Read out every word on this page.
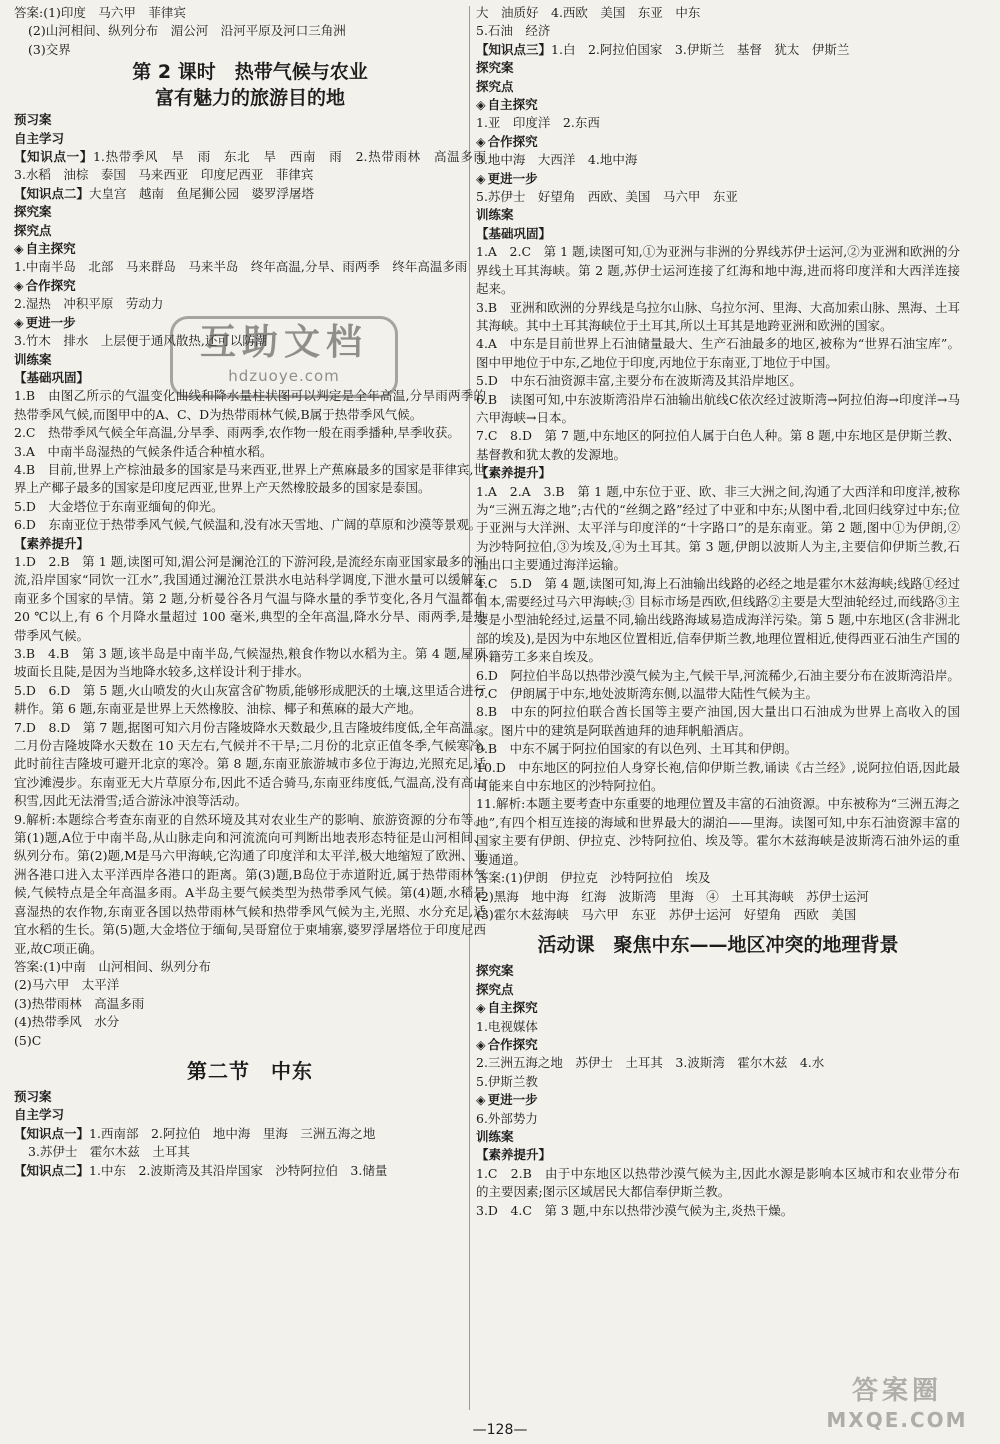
答案:(1)印度　马六甲　菲律宾
(2)山河相间、纵列分布　湄公河　沿河平原及河口三角洲
(3)交界
第 2 课时　热带气候与农业
富有魅力的旅游目的地
预习案
自主学习
【 知识点一 】 1.热带季风　旱　雨　东北　旱　西南　雨　2.热带雨林　高温多雨　3.水稻　油棕　泰国　马来西亚　印度尼西亚　菲律宾
【 知识点二 】 大皇宫　越南　鱼尾狮公园　婆罗浮屠塔
探究案
探究点
◈ 自主探究
1.中南半岛　北部　马来群岛　马来半岛　终年高温,分旱、雨两季　终年高温多雨
◈ 合作探究
2.湿热　冲积平原　劳动力
◈ 更进一步
3.竹木　排水　上层便于通风散热,还可以防潮
训练案
【 基础巩固 】
1.B　由图乙所示的气温变化曲线和降水量柱状图可以判定是全年高温,分旱雨两季的热带季风气候,而图甲中的A、C、D为热带雨林气候,B属于热带季风气候。
2.C　热带季风气候全年高温,分旱季、雨两季,农作物一般在雨季播种,旱季收获。
3.A　中南半岛湿热的气候条件适合种植水稻。
4.B　目前,世界上产棕油最多的国家是马来西亚,世界上产蕉麻最多的国家是菲律宾,世界上产椰子最多的国家是印度尼西亚,世界上产天然橡胶最多的国家是泰国。
5.D　大金塔位于东南亚缅甸的仰光。
6.D　东南亚位于热带季风气候,气候温和,没有冰天雪地、广阔的草原和沙漠等景观。
【 素养提升 】
1.D　2.B　第 1 题,读图可知,湄公河是澜沧江的下游河段,是流经东南亚国家最多的河流,沿岸国家“同饮一江水”,我国通过澜沧江景洪水电站科学调度,下泄水量可以缓解东南亚多个国家的旱情。第 2 题,分析曼谷各月气温与降水量的季节变化,各月气温都在 20 ℃以上,有 6 个月降水量超过 100 毫米,典型的全年高温,降水分旱、雨两季,是热带季风气候。
3.B　4.B　第 3 题,该半岛是中南半岛,气候湿热,粮食作物以水稻为主。第 4 题,屋顶坡面长且陡,是因为当地降水较多,这样设计利于排水。
5.D　6.D　第 5 题,火山喷发的火山灰富含矿物质,能够形成肥沃的土壤,这里适合进行耕作。第 6 题,东南亚是世界上天然橡胶、油棕、椰子和蕉麻的最大产地。
7.D　8.D　第 7 题,据图可知六月份吉隆坡降水天数最少,且吉隆坡纬度低,全年高温。二月份吉隆坡降水天数在 10 天左右,气候并不干旱;二月份的北京正值冬季,气候寒冷,此时前往吉隆坡可避开北京的寒冷。第 8 题,东南亚旅游城市多位于海边,光照充足,适宜沙滩漫步。东南亚无大片草原分布,因此不适合骑马,东南亚纬度低,气温高,没有高山积雪,因此无法滑雪;适合游泳冲浪等活动。
9.解析:本题综合考查东南亚的自然环境及其对农业生产的影响、旅游资源的分布等。第(1)题,A位于中南半岛,从山脉走向和河流流向可判断出地表形态特征是山河相间、纵列分布。第(2)题,M是马六甲海峡,它沟通了印度洋和太平洋,极大地缩短了欧洲、亚洲各港口进入太平洋西岸各港口的距离。第(3)题,B岛位于赤道附近,属于热带雨林气候,气候特点是全年高温多雨。A半岛主要气候类型为热带季风气候。第(4)题,水稻是喜湿热的农作物,东南亚各国以热带雨林气候和热带季风气候为主,光照、水分充足,适宜水稻的生长。第(5)题,大金塔位于缅甸,吴哥窟位于柬埔寨,婆罗浮屠塔位于印度尼西亚,故C项正确。
答案:(1)中南　山河相间、纵列分布
(2)马六甲　太平洋
(3)热带雨林　高温多雨
(4)热带季风　水分
(5)C
第二节　中东
预习案
自主学习
【 知识点一 】 1.西南部　2.阿拉伯　地中海　里海　三洲五海之地
3.苏伊士　霍尔木兹　土耳其
【 知识点二 】 1.中东　2.波斯湾及其沿岸国家　沙特阿拉伯　3.储量
大　油质好　4.西欧　美国　东亚　中东
5.石油　经济
【 知识点三 】 1.白　2.阿拉伯国家　3.伊斯兰　基督　犹太　伊斯兰
探究案
探究点
◈ 自主探究
1.亚　印度洋　2.东西
◈ 合作探究
3.地中海　大西洋　4.地中海
◈ 更进一步
5.苏伊士　好望角　西欧、美国　马六甲　东亚
训练案
【 基础巩固 】
1.A　2.C　第 1 题,读图可知,①为亚洲与非洲的分界线苏伊士运河,②为亚洲和欧洲的分界线土耳其海峡。第 2 题,苏伊士运河连接了红海和地中海,进而将印度洋和大西洋连接起来。
3.B　亚洲和欧洲的分界线是乌拉尔山脉、乌拉尔河、里海、大高加索山脉、黑海、土耳其海峡。其中土耳其海峡位于土耳其,所以土耳其是地跨亚洲和欧洲的国家。
4.A　中东是目前世界上石油储量最大、生产石油最多的地区,被称为“世界石油宝库”。图中甲地位于中东,乙地位于印度,丙地位于东南亚,丁地位于中国。
5.D　中东石油资源丰富,主要分布在波斯湾及其沿岸地区。
6.B　读图可知,中东波斯湾沿岸石油输出航线C依次经过波斯湾→阿拉伯海→印度洋→马六甲海峡→日本。
7.C　8.D　第 7 题,中东地区的阿拉伯人属于白色人种。第 8 题,中东地区是伊斯兰教、基督教和犹太教的发源地。
【 素养提升 】
1.A　2.A　3.B　第 1 题,中东位于亚、欧、非三大洲之间,沟通了大西洋和印度洋,被称为“三洲五海之地”;古代的“丝绸之路”经过了中亚和中东;从图中看,北回归线穿过中东;位于亚洲与大洋洲、太平洋与印度洋的“十字路口”的是东南亚。第 2 题,图中①为伊朗,②为沙特阿拉伯,③为埃及,④为土耳其。第 3 题,伊朗以波斯人为主,主要信仰伊斯兰教,石油出口主要通过海洋运输。
4.C　5.D　第 4 题,读图可知,海上石油输出线路的必经之地是霍尔木兹海峡;线路①经过日本,需要经过马六甲海峡;③ 目标市场是西欧,但线路②主要是大型油轮经过,而线路③主要是小型油轮经过,运量不同,输出线路海域易造成海洋污染。第 5 题,中东地区(含非洲北部的埃及),是因为中东地区位置相近,信奉伊斯兰教,地理位置相近,使得西亚石油生产国的外籍劳工多来自埃及。
6.D　阿拉伯半岛以热带沙漠气候为主,气候干旱,河流稀少,石油主要分布在波斯湾沿岸。
7.C　伊朗属于中东,地处波斯湾东侧,以温带大陆性气候为主。
8.B　中东的阿拉伯联合酋长国等主要产油国,因大量出口石油成为世界上高收入的国家。图片中的建筑是阿联酋迪拜的迪拜帆船酒店。
9.B　中东不属于阿拉伯国家的有以色列、土耳其和伊朗。
10.D　中东地区的阿拉伯人身穿长袍,信仰伊斯兰教,诵读《古兰经》,说阿拉伯语,因此最可能来自中东地区的沙特阿拉伯。
11.解析:本题主要考查中东重要的地理位置及丰富的石油资源。中东被称为“三洲五海之地”,有四个相互连接的海域和世界最大的湖泊——里海。读图可知,中东石油资源丰富的国家主要有伊朗、伊拉克、沙特阿拉伯、埃及等。霍尔木兹海峡是波斯湾石油外运的重要通道。
答案:(1)伊朗　伊拉克　沙特阿拉伯　埃及
(2)黑海　地中海　红海　波斯湾　里海　④　土耳其海峡　苏伊士运河
(3)霍尔木兹海峡　马六甲　东亚　苏伊士运河　好望角　西欧　美国
活动课　聚焦中东——地区冲突的地理背景
探究案
探究点
◈ 自主探究
1.电视媒体
◈ 合作探究
2.三洲五海之地　苏伊士　土耳其　3.波斯湾　霍尔木兹　4.水
5.伊斯兰教
◈ 更进一步
6.外部势力
训练案
【 素养提升 】
1.C　2.B　由于中东地区以热带沙漠气候为主,因此水源是影响本区城市和农业带分布的主要因素;图示区域居民大都信奉伊斯兰教。
3.D　4.C　第 3 题,中东以热带沙漠气候为主,炎热干燥。
互助文档
hdzuoye.com
答案圈
MXQE.COM
—128—
